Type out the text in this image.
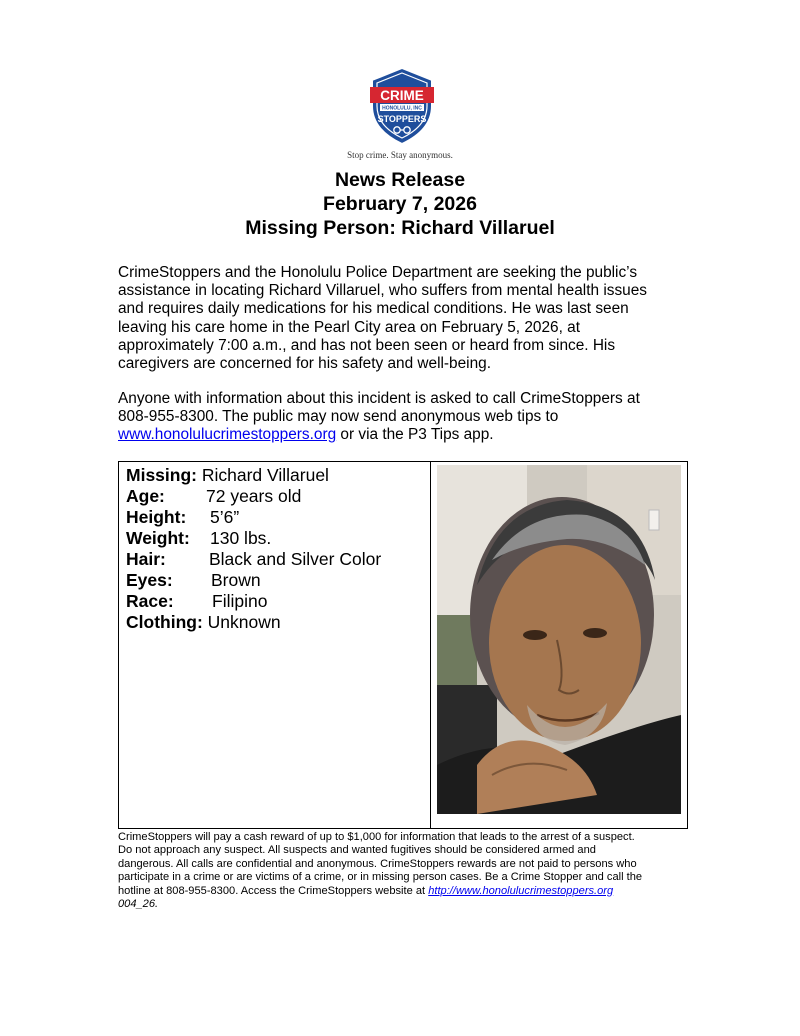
CRIME
HONOLULU, INC
STOPPERS
Stop crime. Stay anonymous.
News Release
February 7, 2026
Missing Person: Richard Villaruel
CrimeStoppers and the Honolulu Police Department are seeking the public’s
assistance in locating Richard Villaruel, who suffers from mental health issues
and requires daily medications for his medical conditions. He was last seen
leaving his care home in the Pearl City area on February 5, 2026, at
approximately 7:00 a.m., and has not been seen or heard from since. His
caregivers are concerned for his safety and well-being.
Anyone with information about this incident is asked to call CrimeStoppers at
808-955-8300. The public may now send anonymous web tips to
www.honolulucrimestoppers.org or via the P3 Tips app.
Missing: Richard Villaruel
Age: 72 years old
Height: 5’6”
Weight: 130 lbs.
Hair: Black and Silver Color
Eyes: Brown
Race: Filipino
Clothing: Unknown
CrimeStoppers will pay a cash reward of up to $1,000 for information that leads to the arrest of a suspect.
Do not approach any suspect. All suspects and wanted fugitives should be considered armed and
dangerous. All calls are confidential and anonymous. CrimeStoppers rewards are not paid to persons who
participate in a crime or are victims of a crime, or in missing person cases. Be a Crime Stopper and call the
hotline at 808-955-8300. Access the CrimeStoppers website at http://www.honolulucrimestoppers.org
004_26.
